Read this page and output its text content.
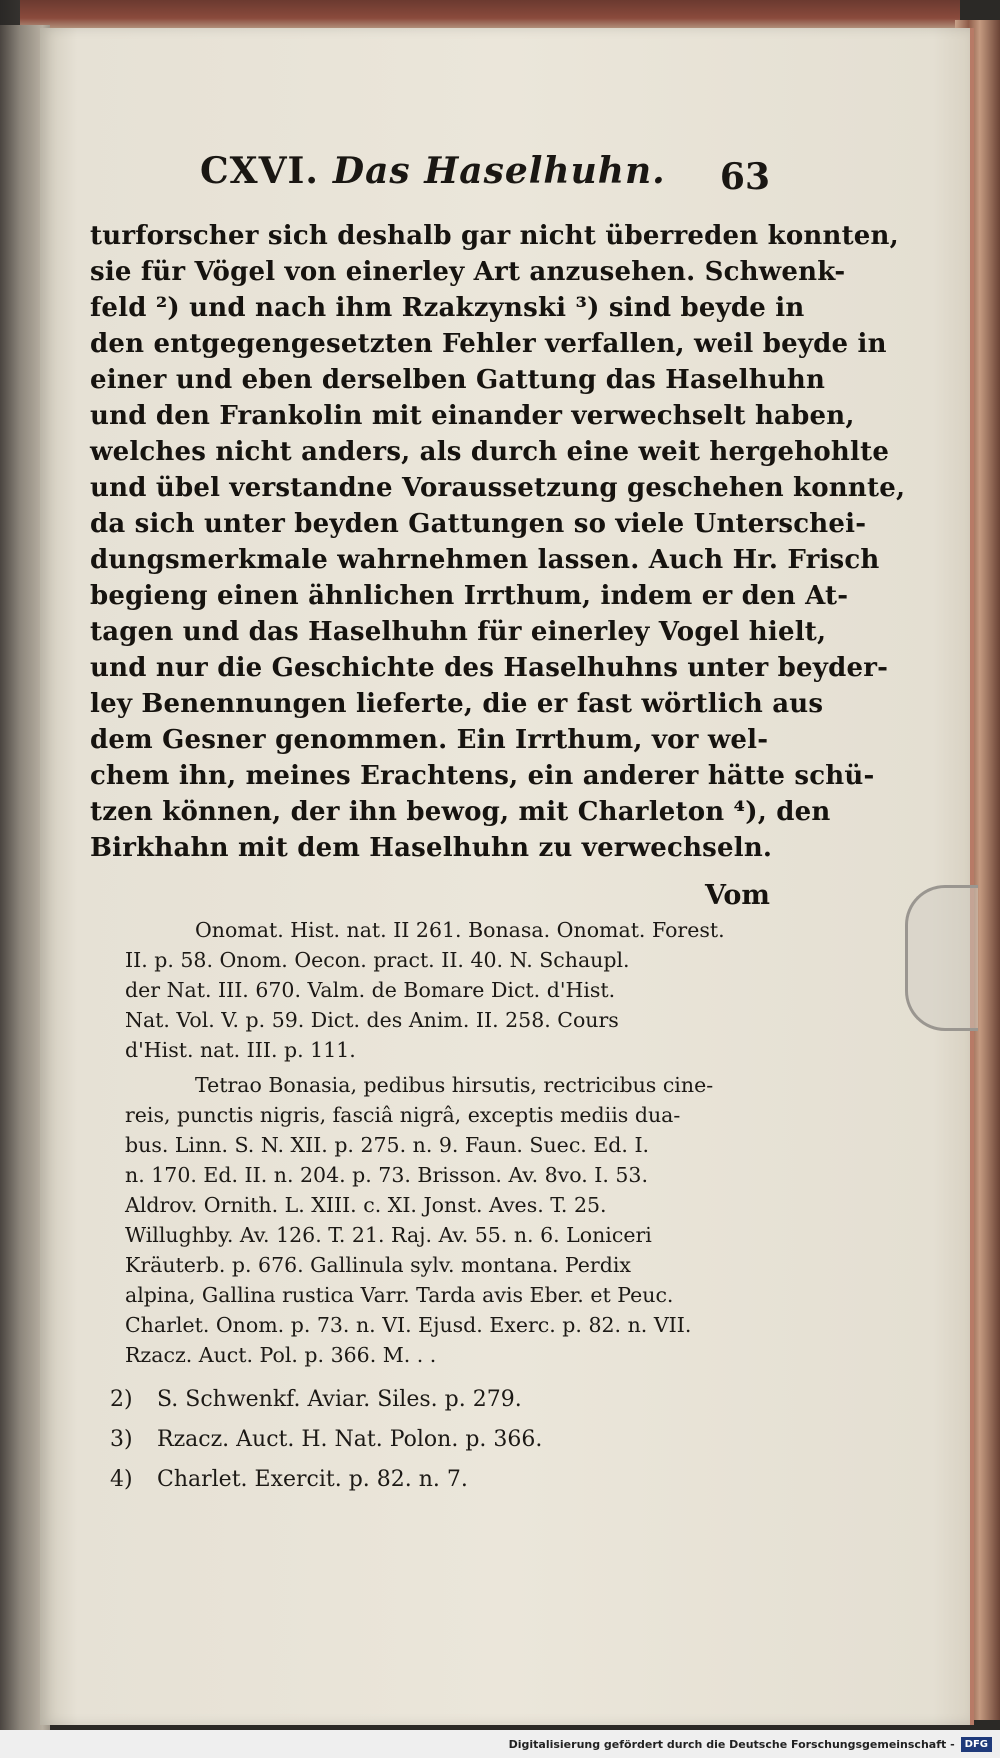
CXVI. Das Haselhuhn.	63
turforscher sich deshalb gar nicht überreden konnten,
sie für Vögel von einerley Art anzusehen. Schwenk-
feld ²) und nach ihm Rzakzynski ³) sind beyde in
den entgegengesetzten Fehler verfallen, weil beyde in
einer und eben derselben Gattung das Haselhuhn
und den Frankolin mit einander verwechselt haben,
welches nicht anders, als durch eine weit hergehohlte
und übel verstandne Voraussetzung geschehen konnte,
da sich unter beyden Gattungen so viele Unterschei-
dungsmerkmale wahrnehmen lassen. Auch Hr. Frisch
begieng einen ähnlichen Irrthum, indem er den At-
tagen und das Haselhuhn für einerley Vogel hielt,
und nur die Geschichte des Haselhuhns unter beyder-
ley Benennungen lieferte, die er fast wörtlich aus
dem Gesner genommen. Ein Irrthum, vor wel-
chem ihn, meines Erachtens, ein anderer hätte schü-
tzen können, der ihn bewog, mit Charleton ⁴), den
Birkhahn mit dem Haselhuhn zu verwechseln.
Vom
Onomat. Hist. nat. II 261. Bonasa. Onomat. Forest.
II. p. 58. Onom. Oecon. pract. II. 40. N. Schaupl.
der Nat. III. 670. Valm. de Bomare Dict. d'Hist.
Nat. Vol. V. p. 59. Dict. des Anim. II. 258. Cours
d'Hist. nat. III. p. 111.
Tetrao Bonasia, pedibus hirsutis, rectricibus cine-
reis, punctis nigris, fasciâ nigrâ, exceptis mediis dua-
bus. Linn. S. N. XII. p. 275. n. 9. Faun. Suec. Ed. I.
n. 170. Ed. II. n. 204. p. 73. Brisson. Av. 8vo. I. 53.
Aldrov. Ornith. L. XIII. c. XI. Jonst. Aves. T. 25.
Willughby. Av. 126. T. 21. Raj. Av. 55. n. 6. Loniceri
Kräuterb. p. 676. Gallinula sylv. montana. Perdix
alpina, Gallina rustica Varr. Tarda avis Eber. et Peuc.
Charlet. Onom. p. 73. n. VI. Ejusd. Exerc. p. 82. n. VII.
Rzacz. Auct. Pol. p. 366. M. . .
2) S. Schwenkf. Aviar. Siles. p. 279.
3) Rzacz. Auct. H. Nat. Polon. p. 366.
4) Charlet. Exercit. p. 82. n. 7.
Digitalisierung gefördert durch die Deutsche Forschungsgemeinschaft -	DFG
